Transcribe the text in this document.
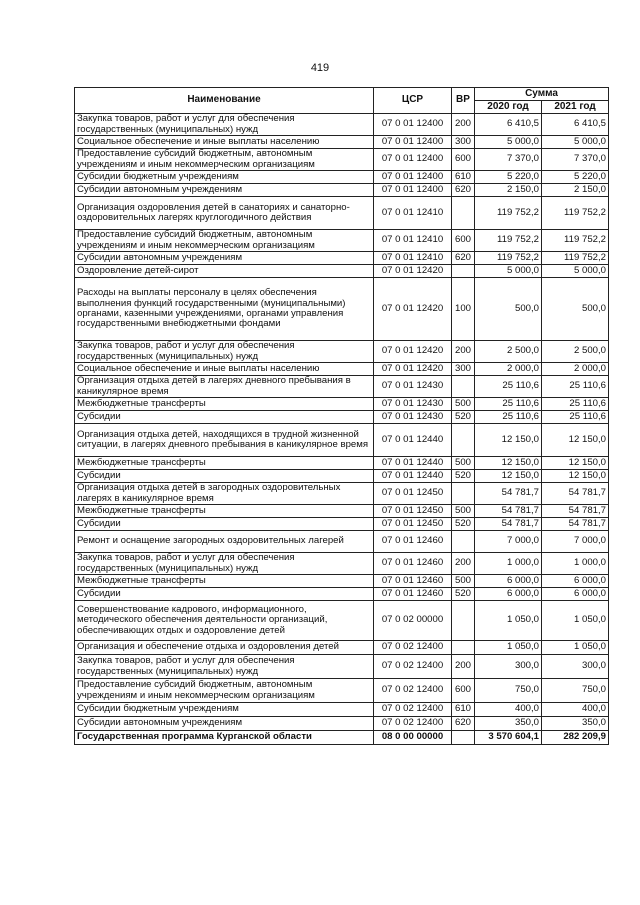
419
Наименование	ЦСР	ВР	Сумма	
			2020 год	2021 год
Закупка товаров, работ и услуг для обеспечения государственных (муниципальных) нужд	07 0 01 12400	200	6 410,5	6 410,5
Социальное обеспечение и иные выплаты населению	07 0 01 12400	300	5 000,0	5 000,0
Предоставление субсидий бюджетным, автономным учреждениям и иным некоммерческим организациям	07 0 01 12400	600	7 370,0	7 370,0
Субсидии бюджетным учреждениям	07 0 01 12400	610	5 220,0	5 220,0
Субсидии автономным учреждениям	07 0 01 12400	620	2 150,0	2 150,0
Организация оздоровления детей в санаториях и санаторно-оздоровительных лагерях круглогодичного действия	07 0 01 12410		119 752,2	119 752,2
Предоставление субсидий бюджетным, автономным учреждениям и иным некоммерческим организациям	07 0 01 12410	600	119 752,2	119 752,2
Субсидии автономным учреждениям	07 0 01 12410	620	119 752,2	119 752,2
Оздоровление детей-сирот	07 0 01 12420		5 000,0	5 000,0
Расходы на выплаты персоналу в целях обеспечения выполнения функций государственными (муниципальными) органами, казенными учреждениями, органами управления государственными внебюджетными фондами	07 0 01 12420	100	500,0	500,0
Закупка товаров, работ и услуг для обеспечения государственных (муниципальных) нужд	07 0 01 12420	200	2 500,0	2 500,0
Социальное обеспечение и иные выплаты населению	07 0 01 12420	300	2 000,0	2 000,0
Организация отдыха детей в лагерях дневного пребывания в каникулярное время	07 0 01 12430		25 110,6	25 110,6
Межбюджетные трансферты	07 0 01 12430	500	25 110,6	25 110,6
Субсидии	07 0 01 12430	520	25 110,6	25 110,6
Организация отдыха детей, находящихся в трудной жизненной ситуации, в лагерях дневного пребывания в каникулярное время	07 0 01 12440		12 150,0	12 150,0
Межбюджетные трансферты	07 0 01 12440	500	12 150,0	12 150,0
Субсидии	07 0 01 12440	520	12 150,0	12 150,0
Организация отдыха детей в загородных оздоровительных лагерях в каникулярное время	07 0 01 12450		54 781,7	54 781,7
Межбюджетные трансферты	07 0 01 12450	500	54 781,7	54 781,7
Субсидии	07 0 01 12450	520	54 781,7	54 781,7
Ремонт и оснащение загородных оздоровительных лагерей	07 0 01 12460		7 000,0	7 000,0
Закупка товаров, работ и услуг для обеспечения государственных (муниципальных) нужд	07 0 01 12460	200	1 000,0	1 000,0
Межбюджетные трансферты	07 0 01 12460	500	6 000,0	6 000,0
Субсидии	07 0 01 12460	520	6 000,0	6 000,0
Совершенствование кадрового, информационного, методического обеспечения деятельности организаций, обеспечивающих отдых и оздоровление детей	07 0 02 00000		1 050,0	1 050,0
Организация и обеспечение отдыха и оздоровления детей	07 0 02 12400		1 050,0	1 050,0
Закупка товаров, работ и услуг для обеспечения государственных (муниципальных) нужд	07 0 02 12400	200	300,0	300,0
Предоставление субсидий бюджетным, автономным учреждениям и иным некоммерческим организациям	07 0 02 12400	600	750,0	750,0
Субсидии бюджетным учреждениям	07 0 02 12400	610	400,0	400,0
Субсидии автономным учреждениям	07 0 02 12400	620	350,0	350,0
Государственная программа Курганской области	08 0 00 00000		3 570 604,1	282 209,9
